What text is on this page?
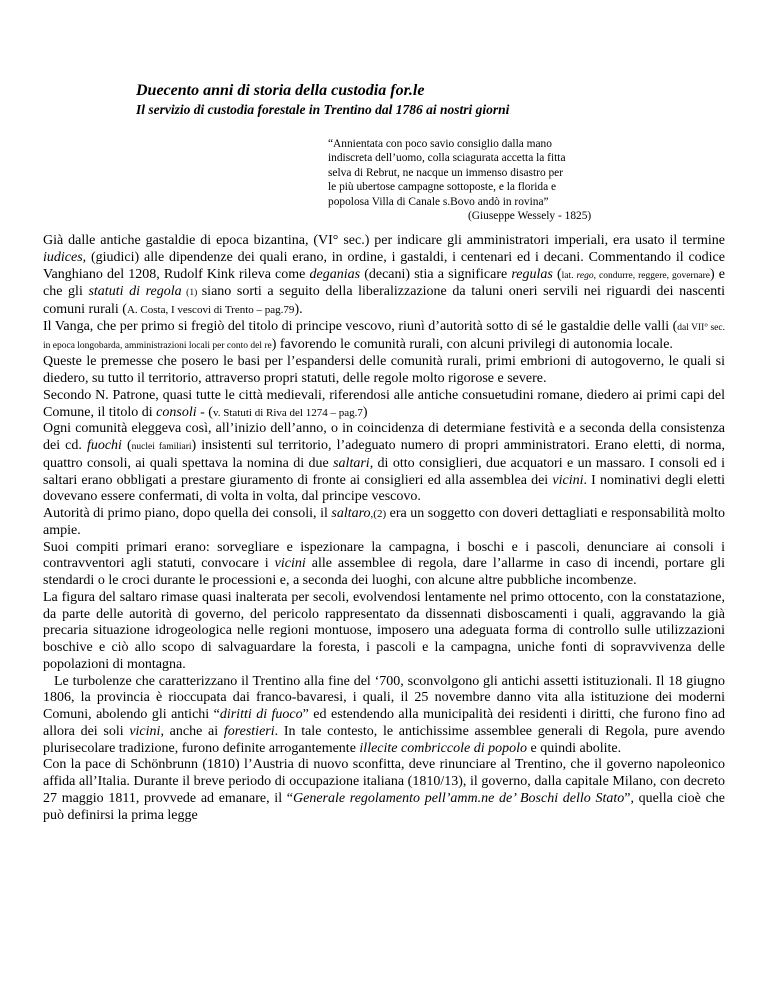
Duecento anni di storia della custodia for.le
Il servizio di custodia forestale in Trentino dal 1786 ai nostri giorni
“Annientata con poco savio consiglio dalla mano
indiscreta dell’uomo, colla sciagurata accetta la fitta
selva di Rebrut, ne nacque un immenso disastro per
le più ubertose campagne sottoposte, e la florida e
popolosa Villa di Canale s.Bovo andò in rovina”
(Giuseppe Wessely - 1825)

Già dalle antiche gastaldie di epoca bizantina, (VI° sec.) per indicare gli amministratori imperiali, era usato il termine iudices, (giudici) alle dipendenze dei quali erano, in ordine, i gastaldi, i centenari ed i decani. Commentando il codice Vanghiano del 1208, Rudolf Kink rileva come deganias (decani) stia a significare regulas (lat. rego, condurre, reggere, governare) e che gli statuti di regola (1) siano sorti a seguito della liberalizzazione da taluni oneri servili nei riguardi dei nascenti comuni rurali (A. Costa, I vescovi di Trento – pag.79).

Il Vanga, che per primo si fregiò del titolo di principe vescovo, riunì d’autorità sotto di sé le gastaldie delle valli (dal VII° sec. in epoca longobarda, amministrazioni locali per conto del re) favorendo le comunità rurali, con alcuni privilegi di autonomia locale.

Queste le premesse che posero le basi per l’espandersi delle comunità rurali, primi embrioni di autogoverno, le quali si diedero, su tutto il territorio, attraverso propri statuti, delle regole molto rigorose e severe.

Secondo N. Patrone, quasi tutte le città medievali, riferendosi alle antiche consuetudini romane, diedero ai primi capi del Comune, il titolo di consoli - (v. Statuti di Riva del 1274 – pag.7)

Ogni comunità eleggeva così, all’inizio dell’anno, o in coincidenza di determiane festività e a seconda della consistenza dei cd. fuochi (nuclei familiari) insistenti sul territorio, l’adeguato numero di propri amministratori. Erano eletti, di norma, quattro consoli, ai quali spettava la nomina di due saltari, di otto consiglieri, due acquatori e un massaro. I consoli ed i saltari erano obbligati a prestare giuramento di fronte ai consiglieri ed alla assemblea dei vicini. I nominativi degli eletti dovevano essere confermati, di volta in volta, dal principe vescovo.

Autorità di primo piano, dopo quella dei consoli, il saltaro,(2) era un soggetto con doveri dettagliati e responsabilità molto ampie.

Suoi compiti primari erano: sorvegliare e ispezionare la campagna, i boschi e i pascoli, denunciare ai consoli i contravventori agli statuti, convocare i vicini alle assemblee di regola, dare l’allarme in caso di incendi, portare gli stendardi o le croci durante le processioni e, a seconda dei luoghi, con alcune altre pubbliche incombenze.

La figura del saltaro rimase quasi inalterata per secoli, evolvendosi lentamente nel primo ottocento, con la constatazione, da parte delle autorità di governo, del pericolo rappresentato da dissennati disboscamenti i quali, aggravando la già precaria situazione idrogeologica nelle regioni montuose, imposero una adeguata forma di controllo sulle utilizzazioni boschive e ciò allo scopo di salvaguardare la foresta, i pascoli e la campagna, uniche fonti di sopravvivenza delle popolazioni di montagna.

Le turbolenze che caratterizzano il Trentino alla fine del ‘700, sconvolgono gli antichi assetti istituzionali. Il 18 giugno 1806, la provincia è rioccupata dai franco-bavaresi, i quali, il 25 novembre danno vita alla istituzione dei moderni Comuni, abolendo gli antichi “diritti di fuoco” ed estendendo alla municipalità dei residenti i diritti, che furono fino ad allora dei soli vicini, anche ai forestieri. In tale contesto, le antichissime assemblee generali di Regola, pure avendo plurisecolare tradizione, furono definite arrogantemente illecite combriccole di popolo e quindi abolite.

Con la pace di Schönbrunn (1810) l’Austria di nuovo sconfitta, deve rinunciare al Trentino, che il governo napoleonico affida all’Italia. Durante il breve periodo di occupazione italiana (1810/13), il governo, dalla capitale Milano, con decreto 27 maggio 1811, provvede ad emanare, il “Generale regolamento pell’amm.ne de’ Boschi dello Stato”, quella cioè che può definirsi la prima legge
